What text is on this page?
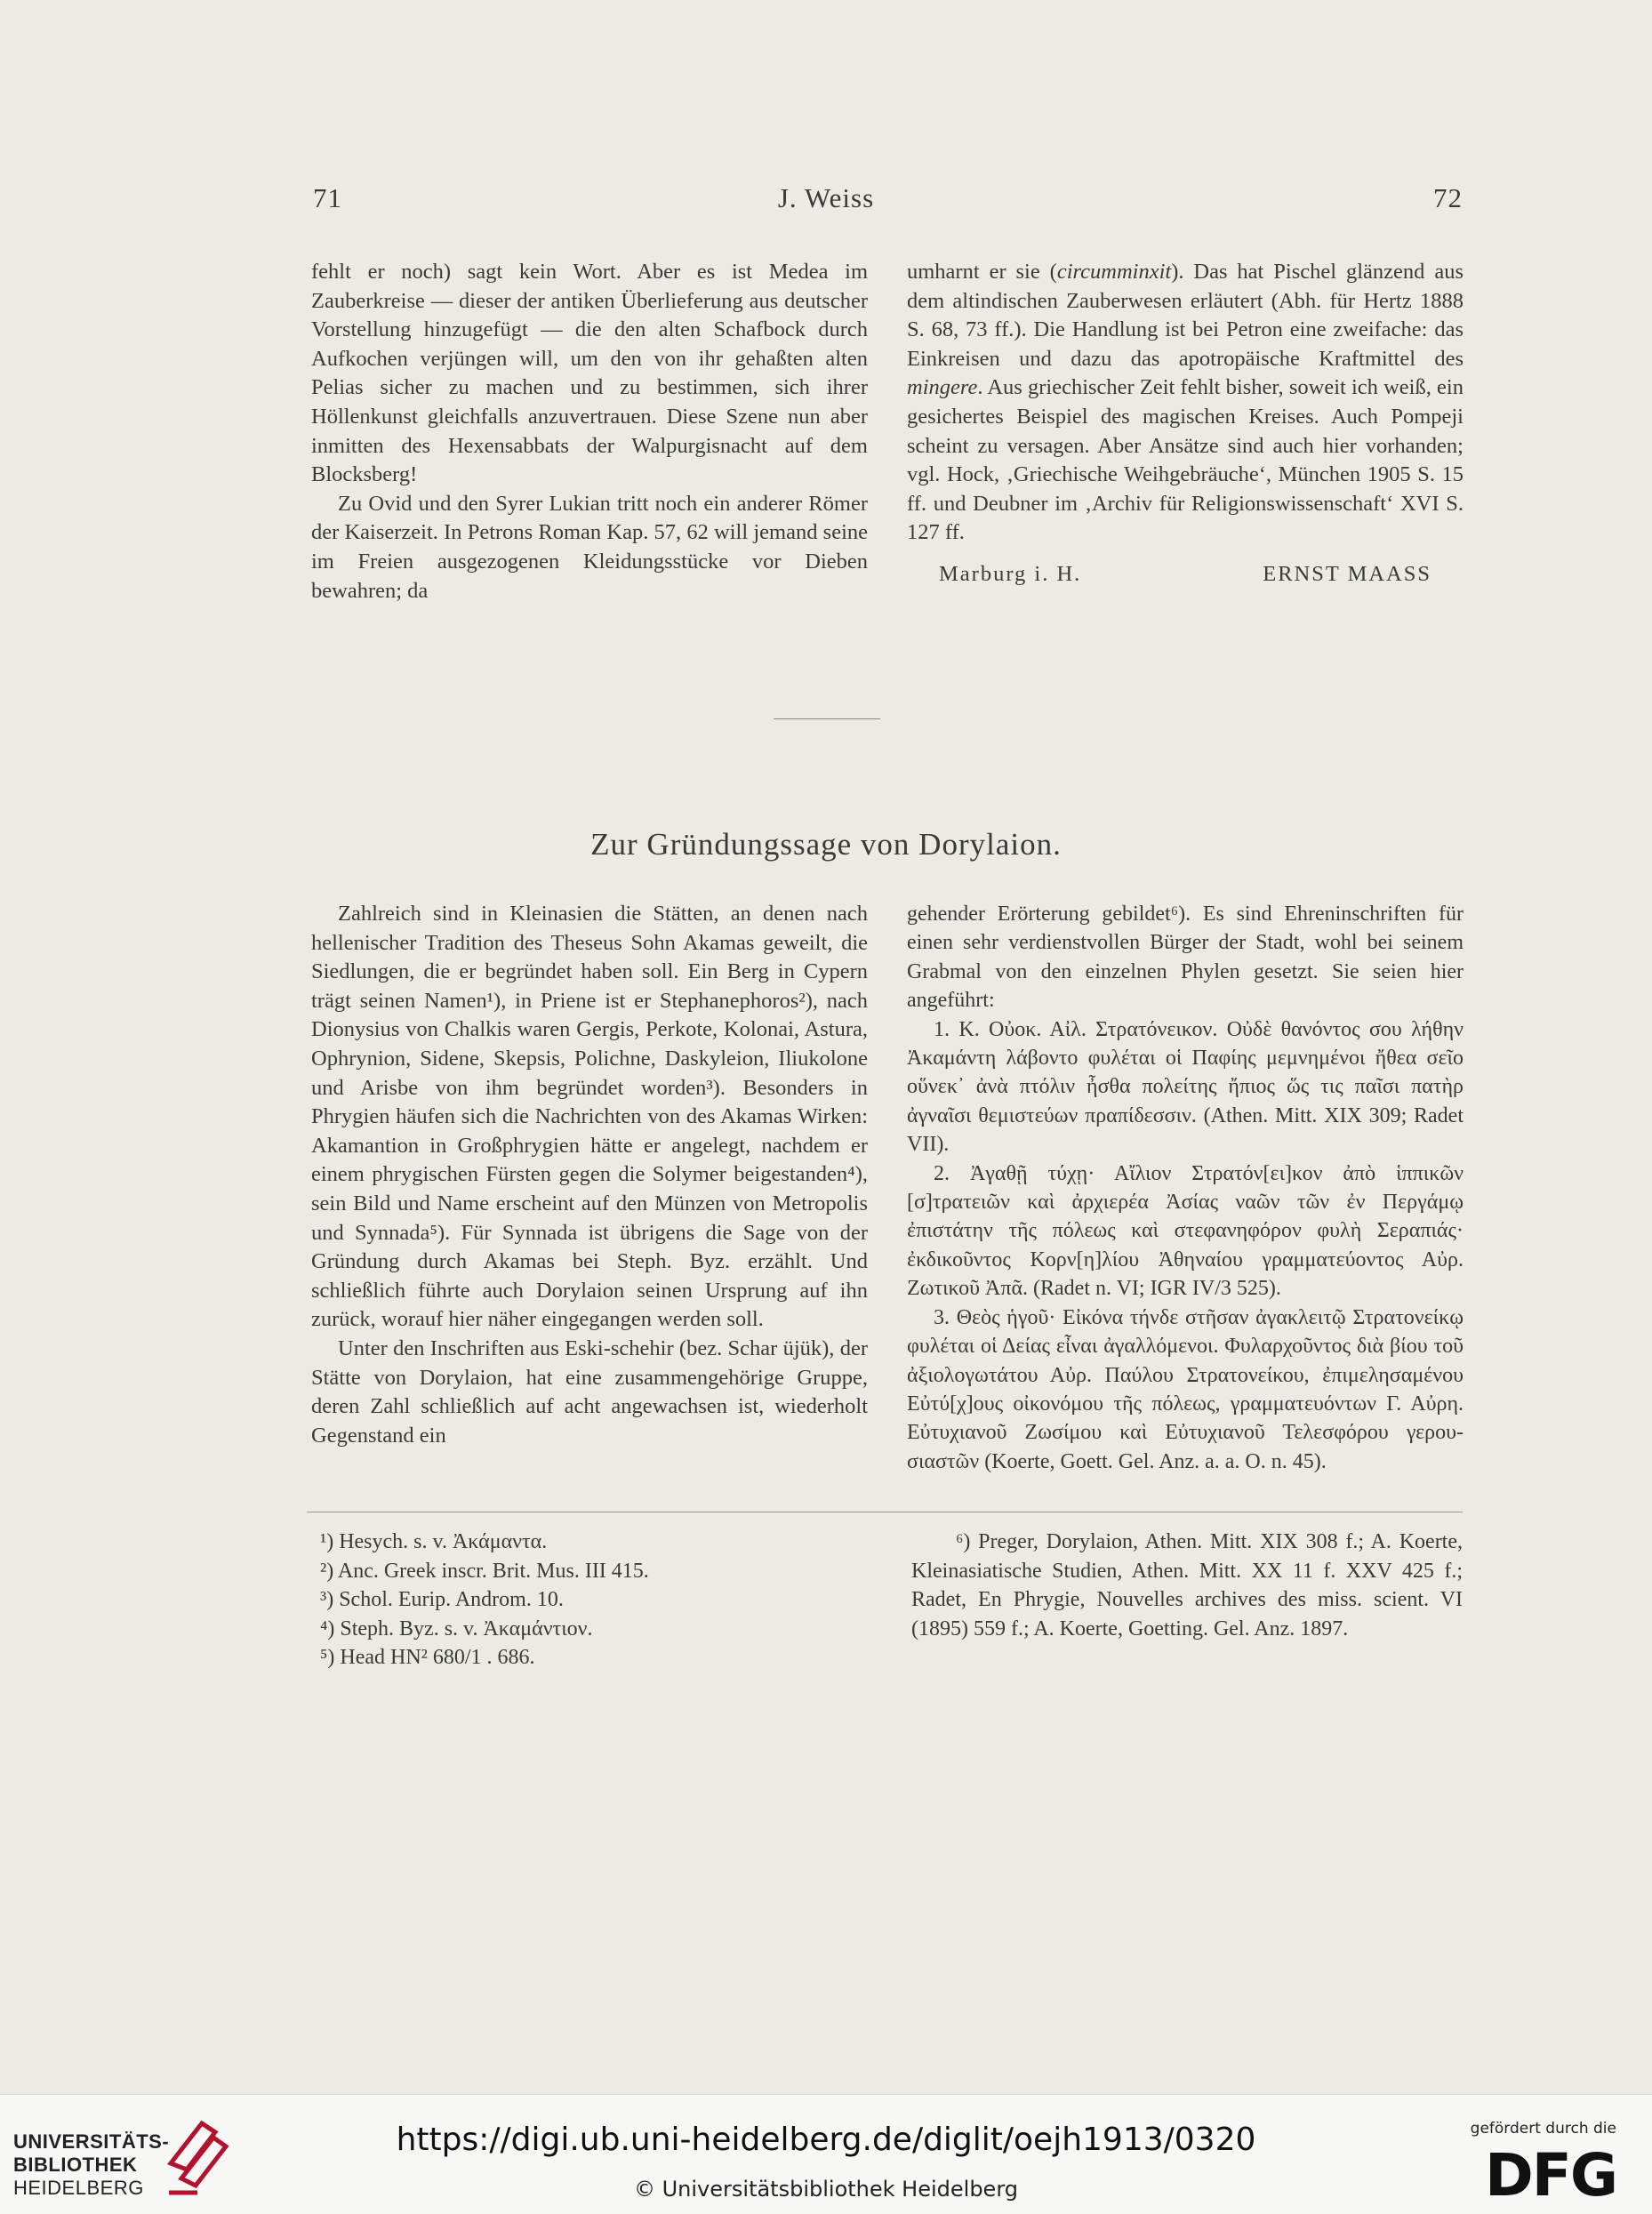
71	J. Weiss	72

fehlt er noch) sagt kein Wort. Aber es ist Medea im Zauberkreise — dieser der antiken Überlieferung aus deutscher Vorstellung hinzugefügt — die den alten Schafbock durch Aufkochen verjüngen will, um den von ihr gehaßten alten Pelias sicher zu machen und zu bestimmen, sich ihrer Höllenkunst gleichfalls anzuvertrauen. Diese Szene nun aber inmitten des Hexensabbats der Walpurgisnacht auf dem Blocksberg!

Zu Ovid und den Syrer Lukian tritt noch ein anderer Römer der Kaiserzeit. In Petrons Roman Kap. 57, 62 will jemand seine im Freien ausgezogenen Kleidungsstücke vor Dieben bewahren; da

umharnt er sie (circumminxit). Das hat Pischel glänzend aus dem altindischen Zauberwesen erläutert (Abh. für Hertz 1888 S. 68, 73 ff.). Die Handlung ist bei Petron eine zweifache: das Einkreisen und dazu das apotropäische Kraftmittel des mingere. Aus griechischer Zeit fehlt bisher, soweit ich weiß, ein gesichertes Beispiel des magischen Kreises. Auch Pompeji scheint zu versagen. Aber Ansätze sind auch hier vorhanden; vgl. Hock, ‚Griechische Weihgebräuche‘, München 1905 S. 15 ff. und Deubner im ‚Archiv für Religionswissenschaft‘ XVI S. 127 ff.

Marburg i. H.	ERNST MAASS
Zur Gründungssage von Dorylaion.

Zahlreich sind in Kleinasien die Stätten, an denen nach hellenischer Tradition des Theseus Sohn Akamas geweilt, die Siedlungen, die er begründet haben soll. Ein Berg in Cypern trägt seinen Namen¹), in Priene ist er Stephanephoros²), nach Dionysius von Chalkis waren Gergis, Perkote, Kolonai, Astura, Ophrynion, Sidene, Skepsis, Polichne, Daskyleion, Iliukolone und Arisbe von ihm begründet worden³). Besonders in Phrygien häufen sich die Nachrichten von des Akamas Wirken: Akamantion in Großphrygien hätte er angelegt, nachdem er einem phrygischen Fürsten gegen die Solymer beigestanden⁴), sein Bild und Name erscheint auf den Münzen von Metropolis und Synnada⁵). Für Synnada ist übrigens die Sage von der Gründung durch Akamas bei Steph. Byz. erzählt. Und schließlich führte auch Dorylaion seinen Ursprung auf ihn zurück, worauf hier näher eingegangen werden soll.

Unter den Inschriften aus Eski-schehir (bez. Schar üjük), der Stätte von Dorylaion, hat eine zusammengehörige Gruppe, deren Zahl schließlich auf acht angewachsen ist, wiederholt Gegenstand ein

gehender Erörterung gebildet⁶). Es sind Ehreninschriften für einen sehr verdienstvollen Bürger der Stadt, wohl bei seinem Grabmal von den einzelnen Phylen gesetzt. Sie seien hier angeführt:

1. K. Οὐοκ. Αἰλ. Στρατόνεικον. Οὐδὲ θανόντος σου λήθην Ἀκαμάντη λάβοντο φυλέται οἱ Παφίης μεμνημένοι ἤθεα σεῖο οὕνεκ᾽ ἀνὰ πτόλιν ἦσθα πολείτης ἤπιος ὥς τις παῖσι πατὴρ ἀγναῖσι θεμιστεύων πραπίδεσσιν. (Athen. Mitt. XIX 309; Radet VII).

2. Ἀγαθῇ τύχῃ· Αἴλιον Στρατόν[ει]κον ἀπὸ ἱππικῶν [σ]τρατειῶν καὶ ἀρχιερέα Ἀσίας ναῶν τῶν ἐν Περγάμῳ ἐπιστάτην τῆς πόλεως καὶ στεφανηφόρον φυλὴ Σεραπιάς· ἐκδικοῦντος Κορν[η]λίου Ἀθηναίου γραμματεύοντος Αὐρ. Ζωτικοῦ Ἀπᾶ. (Radet n. VI; IGR IV/3 525).

3. Θεὸς ἡγοῦ· Εἰκόνα τήνδε στῆσαν ἀγακλειτῷ Στρατονείκῳ φυλέται οἱ Δείας εἶναι ἀγαλλόμενοι. Φυλαρχοῦντος διὰ βίου τοῦ ἀξιολογωτάτου Αὐρ. Παύλου Στρατονείκου, ἐπιμελησαμένου Εὐτύ[χ]ους οἰκονόμου τῆς πόλεως, γραμματευόντων Γ. Αὐρη. Εὐτυχιανοῦ Ζωσίμου καὶ Εὐτυχιανοῦ Τελεσφόρου γερουσιαστῶν (Koerte, Goett. Gel. Anz. a. a. O. n. 45).

¹) Hesych. s. v. Ἀκάμαντα.
²) Anc. Greek inscr. Brit. Mus. III 415.
³) Schol. Eurip. Androm. 10.
⁴) Steph. Byz. s. v. Ἀκαμάντιον.
⁵) Head HN² 680/1 . 686.
⁶) Preger, Dorylaion, Athen. Mitt. XIX 308 f.; A. Koerte, Kleinasiatische Studien, Athen. Mitt. XX 11 f. XXV 425 f.; Radet, En Phrygie, Nouvelles archives des miss. scient. VI (1895) 559 f.; A. Koerte, Goetting. Gel. Anz. 1897.
UNIVERSITÄTS-
BIBLIOTHEK
HEIDELBERG
https://digi.ub.uni-heidelberg.de/diglit/oejh1913/0320
© Universitätsbibliothek Heidelberg
gefördert durch die
DFG
